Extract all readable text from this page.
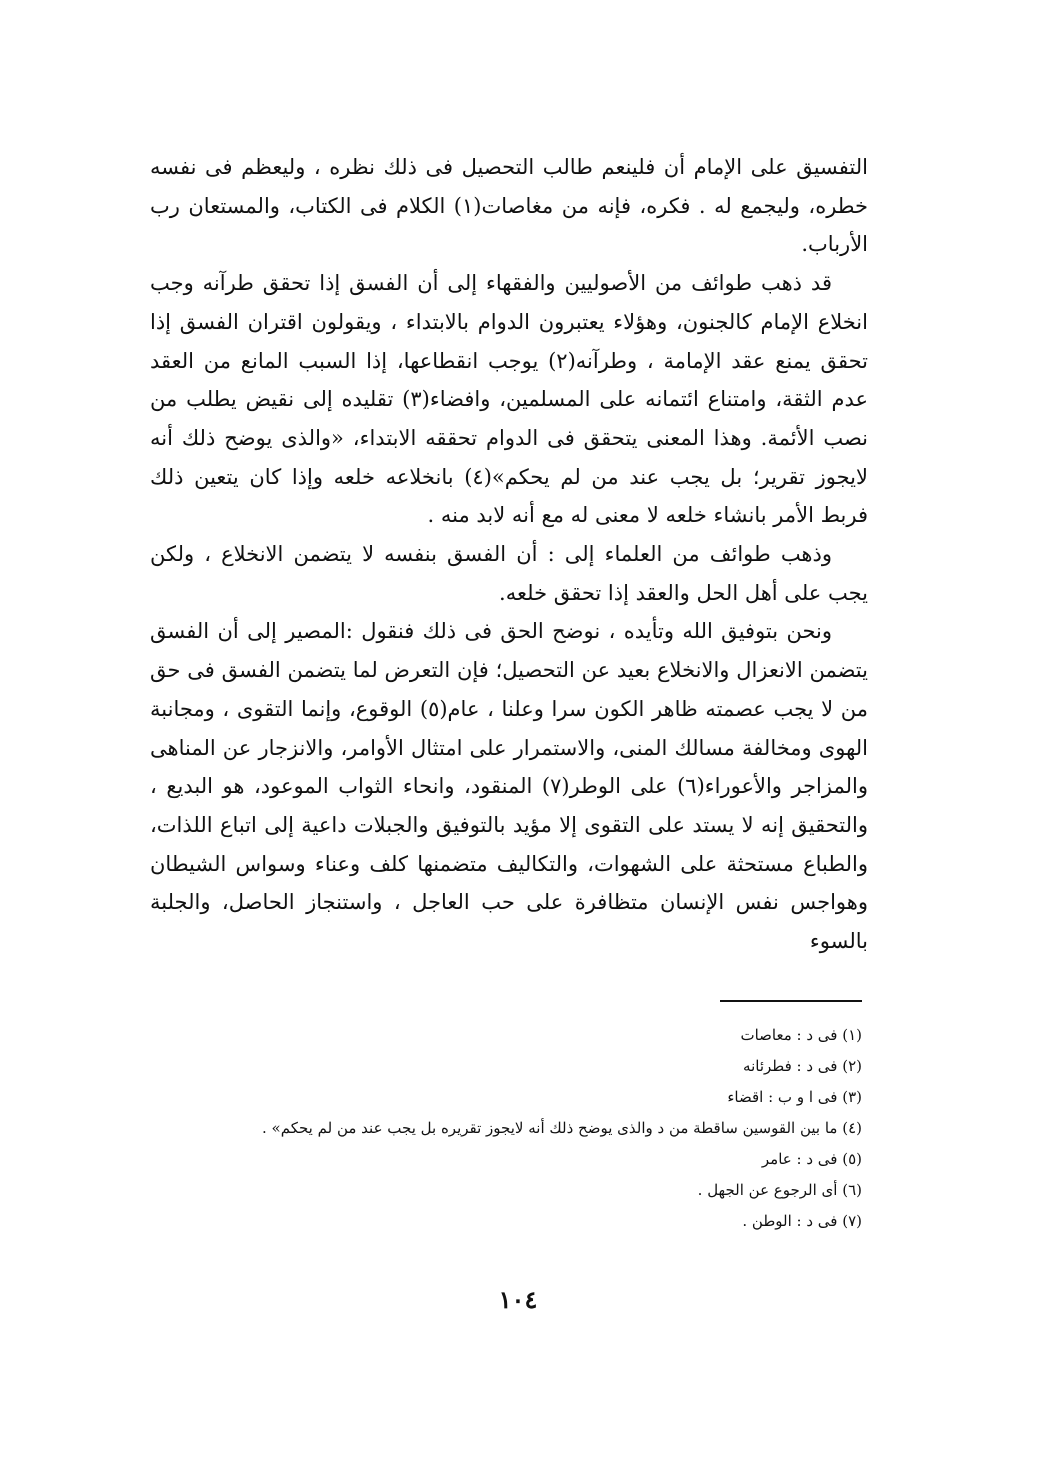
التفسيق على الإمام أن فلينعم طالب التحصيل فى ذلك نظره ، وليعظم فى نفسه خطره، وليجمع له . فكره، فإنه من مغاصات(١) الكلام فى الكتاب، والمستعان رب الأرباب.

قد ذهب طوائف من الأصوليين والفقهاء إلى أن الفسق إذا تحقق طرآنه وجب انخلاع الإمام كالجنون، وهؤلاء يعتبرون الدوام بالابتداء ، ويقولون اقتران الفسق إذا تحقق يمنع عقد الإمامة ، وطرآنه(٢) يوجب انقطاعها، إذا السبب المانع من العقد عدم الثقة، وامتناع ائتمانه على المسلمين، وافضاء(٣) تقليده إلى نقيض يطلب من نصب الأئمة. وهذا المعنى يتحقق فى الدوام تحققه الابتداء، «والذى يوضح ذلك أنه لايجوز تقرير؛ بل يجب عند من لم يحكم»(٤) بانخلاعه خلعه وإذا كان يتعين ذلك فربط الأمر بانشاء خلعه لا معنى له مع أنه لابد منه .

وذهب طوائف من العلماء إلى : أن الفسق بنفسه لا يتضمن الانخلاع ، ولكن يجب على أهل الحل والعقد إذا تحقق خلعه.

ونحن بتوفيق الله وتأيده ، نوضح الحق فى ذلك فنقول :المصير إلى أن الفسق يتضمن الانعزال والانخلاع بعيد عن التحصيل؛ فإن التعرض لما يتضمن الفسق فى حق من لا يجب عصمته ظاهر الكون سرا وعلنا ، عام(٥) الوقوع، وإنما التقوى ، ومجانبة الهوى ومخالفة مسالك المنى، والاستمرار على امتثال الأوامر، والانزجار عن المناهى والمزاجر والأعوراء(٦) على الوطر(٧) المنقود، وانحاء الثواب الموعود، هو البديع ، والتحقيق إنه لا يستد على التقوى إلا مؤيد بالتوفيق والجبلات داعية إلى اتباع اللذات، والطباع مستحثة على الشهوات، والتكاليف متضمنها كلف وعناء وسواس الشيطان وهواجس نفس الإنسان متظافرة على حب العاجل ، واستنجاز الحاصل، والجلبة بالسوء

(١) فى د : معاصات
(٢) فى د : فطرئانه
(٣) فى ا و ب : اقضاء
(٤) ما بين القوسين ساقطة من د والذى يوضح ذلك أنه لايجوز تقريره بل يجب عند من لم يحكم» .
(٥) فى د : عامر
(٦) أى الرجوع عن الجهل .
(٧) فى د : الوطن .
١٠٤
